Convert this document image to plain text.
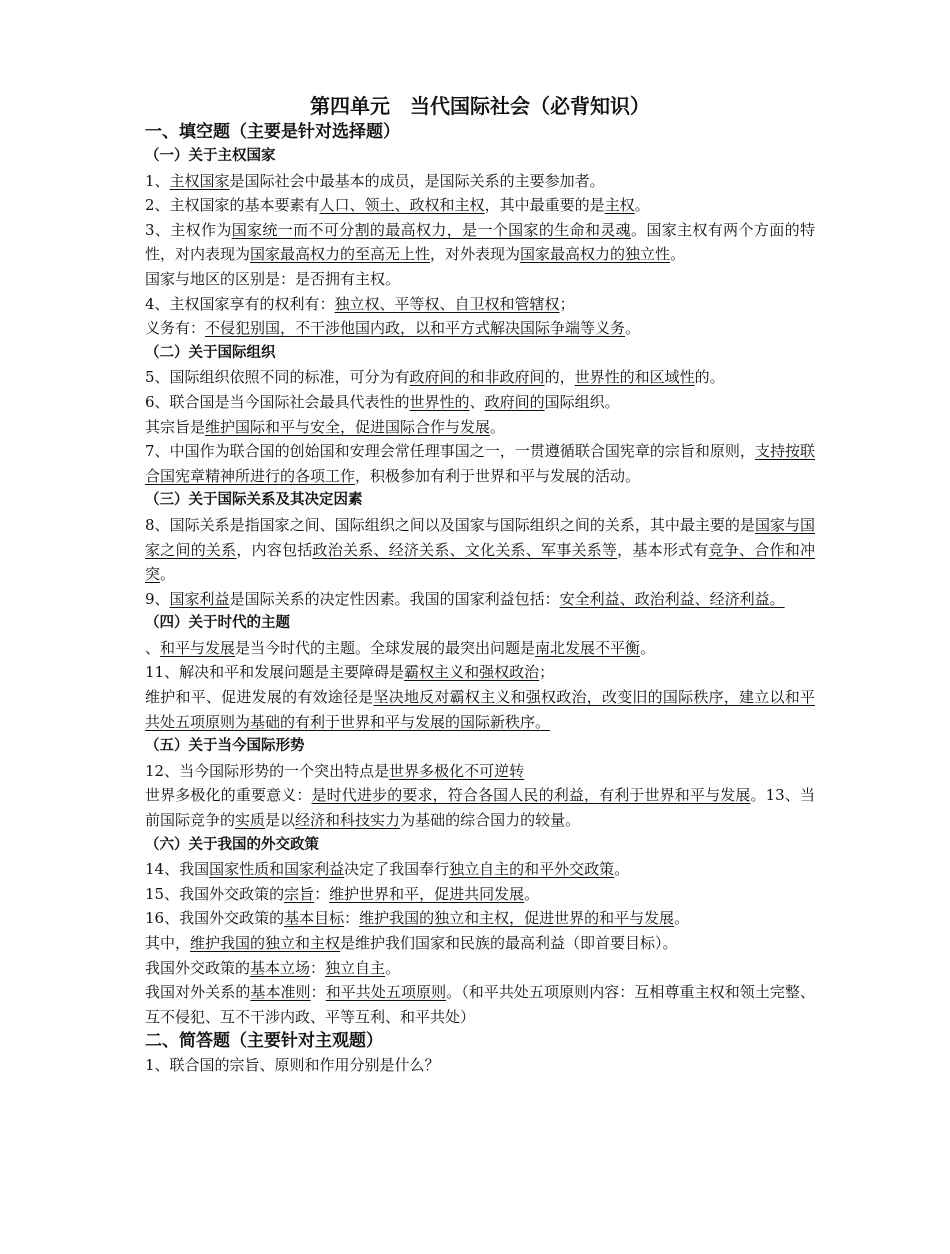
第四单元　当代国际社会（必背知识）
一、填空题（主要是针对选择题）
（一）关于主权国家

1、主权国家是国际社会中最基本的成员，是国际关系的主要参加者。

2、主权国家的基本要素有人口、领土、政权和主权，其中最重要的是主权。

3、主权作为国家统一而不可分割的最高权力，是一个国家的生命和灵魂。国家主权有两个方面的特性，对内表现为国家最高权力的至高无上性，对外表现为国家最高权力的独立性。

国家与地区的区别是：是否拥有主权。

4、主权国家享有的权利有：独立权、平等权、自卫权和管辖权；

义务有：不侵犯别国，不干涉他国内政，以和平方式解决国际争端等义务。

（二）关于国际组织

5、国际组织依照不同的标准，可分为有政府间的和非政府间的，世界性的和区域性的。

6、联合国是当今国际社会最具代表性的世界性的、政府间的国际组织。

其宗旨是维护国际和平与安全，促进国际合作与发展。

7、中国作为联合国的创始国和安理会常任理事国之一，一贯遵循联合国宪章的宗旨和原则，支持按联合国宪章精神所进行的各项工作，积极参加有利于世界和平与发展的活动。

（三）关于国际关系及其决定因素

8、国际关系是指国家之间、国际组织之间以及国家与国际组织之间的关系，其中最主要的是国家与国家之间的关系，内容包括政治关系、经济关系、文化关系、军事关系等，基本形式有竞争、合作和冲突。

9、国家利益是国际关系的决定性因素。我国的国家利益包括：安全利益、政治利益、经济利益。

（四）关于时代的主题

、和平与发展是当今时代的主题。全球发展的最突出问题是南北发展不平衡。

11、解决和平和发展问题是主要障碍是霸权主义和强权政治；

维护和平、促进发展的有效途径是坚决地反对霸权主义和强权政治，改变旧的国际秩序，建立以和平共处五项原则为基础的有利于世界和平与发展的国际新秩序。

（五）关于当今国际形势

12、当今国际形势的一个突出特点是世界多极化不可逆转

世界多极化的重要意义：是时代进步的要求，符合各国人民的利益，有利于世界和平与发展。13、当前国际竞争的实质是以经济和科技实力为基础的综合国力的较量。

（六）关于我国的外交政策

14、我国国家性质和国家利益决定了我国奉行独立自主的和平外交政策。

15、我国外交政策的宗旨：维护世界和平，促进共同发展。

16、我国外交政策的基本目标：维护我国的独立和主权，促进世界的和平与发展。

其中，维护我国的独立和主权是维护我们国家和民族的最高利益（即首要目标）。

我国外交政策的基本立场：独立自主。

我国对外关系的基本准则：和平共处五项原则。（和平共处五项原则内容：互相尊重主权和领土完整、互不侵犯、互不干涉内政、平等互利、和平共处）

二、简答题（主要针对主观题）

1、联合国的宗旨、原则和作用分别是什么？
